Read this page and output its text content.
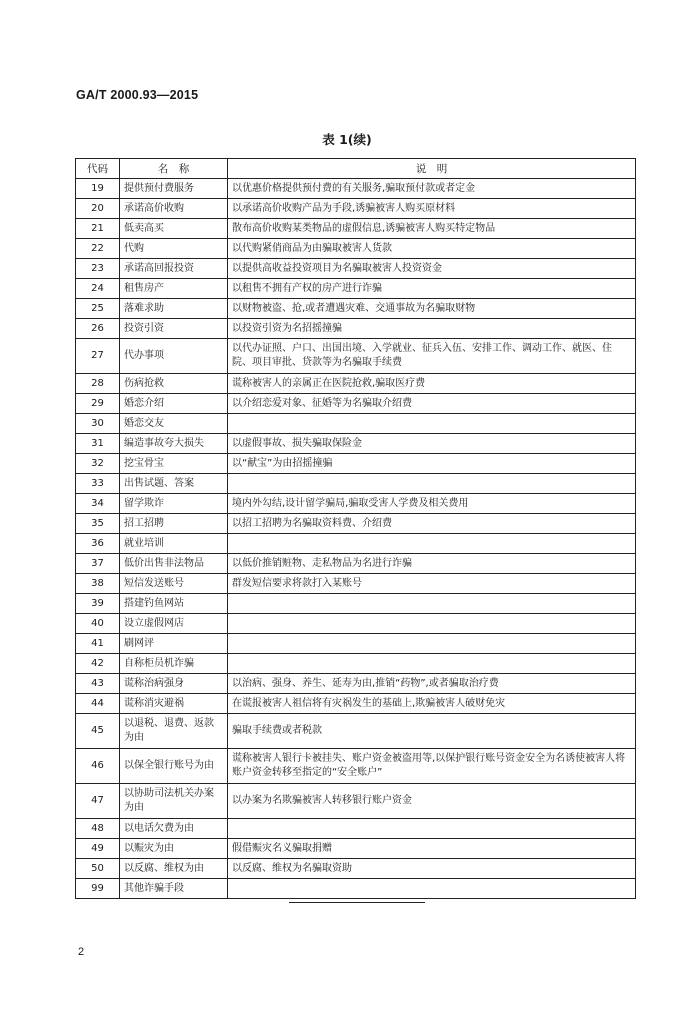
GA/T 2000.93—2015
表 1(续)
代码	名　称	说　明
19	提供预付费服务	以优惠价格提供预付费的有关服务,骗取预付款或者定金
20	承诺高价收购	以承诺高价收购产品为手段,诱骗被害人购买原材料
21	低卖高买	散布高价收购某类物品的虚假信息,诱骗被害人购买特定物品
22	代购	以代购紧俏商品为由骗取被害人货款
23	承诺高回报投资	以提供高收益投资项目为名骗取被害人投资资金
24	租售房产	以租售不拥有产权的房产进行诈骗
25	落难求助	以财物被盗、抢,或者遭遇灾难、交通事故为名骗取财物
26	投资引资	以投资引资为名招摇撞骗
27	代办事项	以代办证照、户口、出国出境、入学就业、征兵入伍、安排工作、调动工作、就医、住院、项目审批、贷款等为名骗取手续费
28	伤病抢救	谎称被害人的亲属正在医院抢救,骗取医疗费
29	婚恋介绍	以介绍恋爱对象、征婚等为名骗取介绍费
30	婚恋交友	
31	编造事故夸大损失	以虚假事故、损失骗取保险金
32	挖宝骨宝	以“献宝”为由招摇撞骗
33	出售试题、答案	
34	留学欺诈	境内外勾结,设计留学骗局,骗取受害人学费及相关费用
35	招工招聘	以招工招聘为名骗取资料费、介绍费
36	就业培训	
37	低价出售非法物品	以低价推销赃物、走私物品为名进行诈骗
38	短信发送账号	群发短信要求将款打入某账号
39	搭建钓鱼网站	
40	设立虚假网店	
41	刷网评	
42	自称柜员机诈骗	
43	谎称治病强身	以治病、强身、养生、延寿为由,推销“药物”,或者骗取治疗费
44	谎称消灾避祸	在谎报被害人祖信将有灾祸发生的基础上,欺骗被害人破财免灾
45	以退税、退费、返款为由	骗取手续费或者税款
46	以保全银行账号为由	谎称被害人银行卡被挂失、账户资金被盗用等,以保护银行账号资金安全为名诱使被害人将账户资金转移至指定的“安全账户”
47	以协助司法机关办案为由	以办案为名欺骗被害人转移银行账户资金
48	以电话欠费为由	
49	以赈灾为由	假借赈灾名义骗取捐赠
50	以反腐、维权为由	以反腐、维权为名骗取资助
99	其他诈骗手段	
2
